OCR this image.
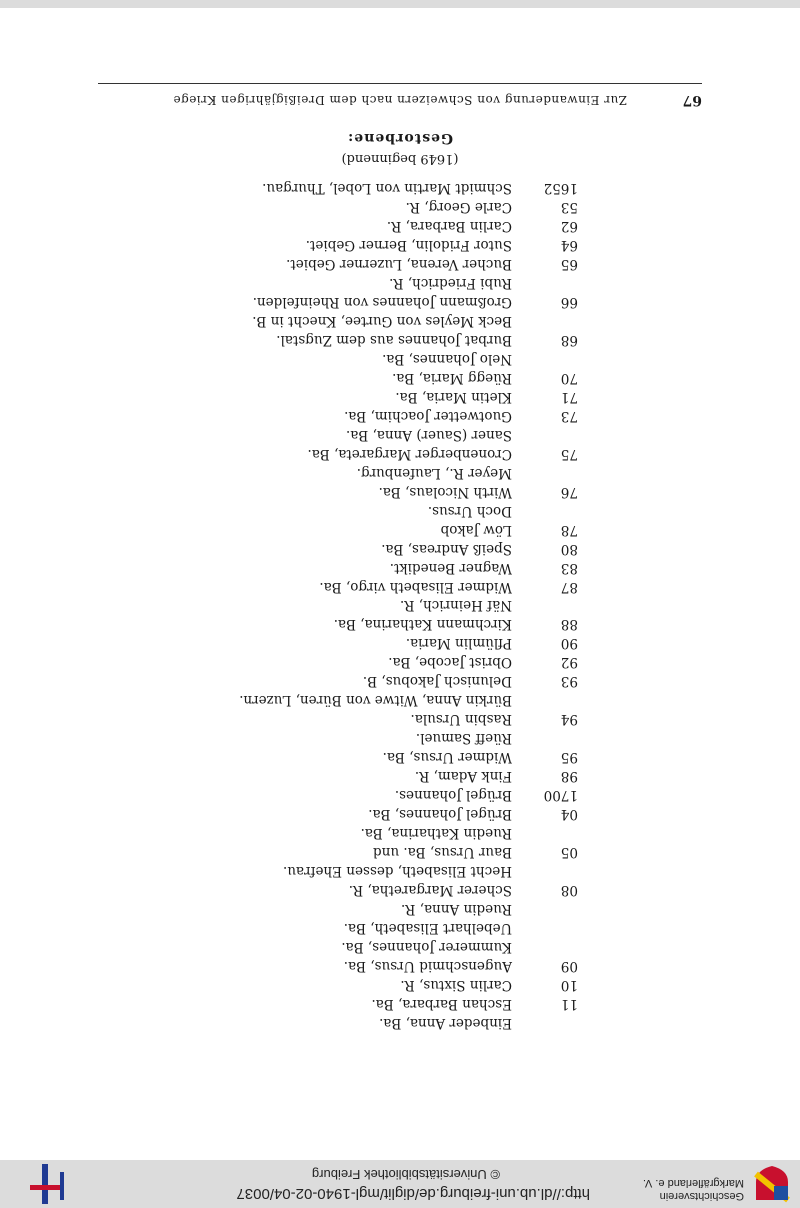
Geschichtsverein
Markgräflerland e. V.
http://dl.ub.uni-freiburg.de/diglit/mgl-1940-02-04/0037
© Universitätsbibliothek Freiburg
67
Zur Einwanderung von Schweizern nach dem Dreißigjährigen Kriege
Gestorbene:
(1649 beginnend)
1652
Schmidt Martin von Lobel, Thurgau.
53
Carle Georg, R.
62
Carlin Barbara, R.
64
Sutor Fridolin, Berner Gebiet.
65
Bucher Verena, Luzerner Gebiet.
Rubi Friedrich, R.
66
Großmann Johannes von Rheinfelden.
Beck Meyles von Gurtee, Knecht in B.
68
Burbat Johannes aus dem Zugstal.
Nelo Johannes, Ba.
70
Rüegg Maria, Ba.
71
Kletin Maria, Ba.
73
Guotwetter Joachim, Ba.
Saner (Sauer) Anna, Ba.
75
Cronenberger Margareta, Ba.
Meyer R., Laufenburg.
76
Wirth Nicolaus, Ba.
Doch Ursus.
78
Löw Jakob
80
Speiß Andreas, Ba.
83
Wagner Benedikt.
87
Widmer Elisabeth virgo, Ba.
Näf Heinrich, R.
88
Kirchmann Katharina, Ba.
90
Pflümlin Maria.
92
Obrist Jacobe, Ba.
93
Delunisch Jakobus, B.
Bürkin Anna, Witwe von Büren, Luzern.
94
Rasbin Ursula.
Rüeff Samuel.
95
Widmer Ursus, Ba.
98
Fink Adam, R.
1700
Brügel Johannes.
04
Brügel Johannes, Ba.
Ruedin Katharina, Ba.
05
Baur Ursus, Ba. und
Hecht Elisabeth, dessen Ehefrau.
08
Scherer Margaretha, R.
Ruedin Anna, R.
Uebelhart Elisabeth, Ba.
Kummerer Johannes, Ba.
09
Augenschmid Ursus, Ba.
10
Carlin Sixtus, R.
11
Eschan Barbara, Ba.
Einbeder Anna, Ba.
